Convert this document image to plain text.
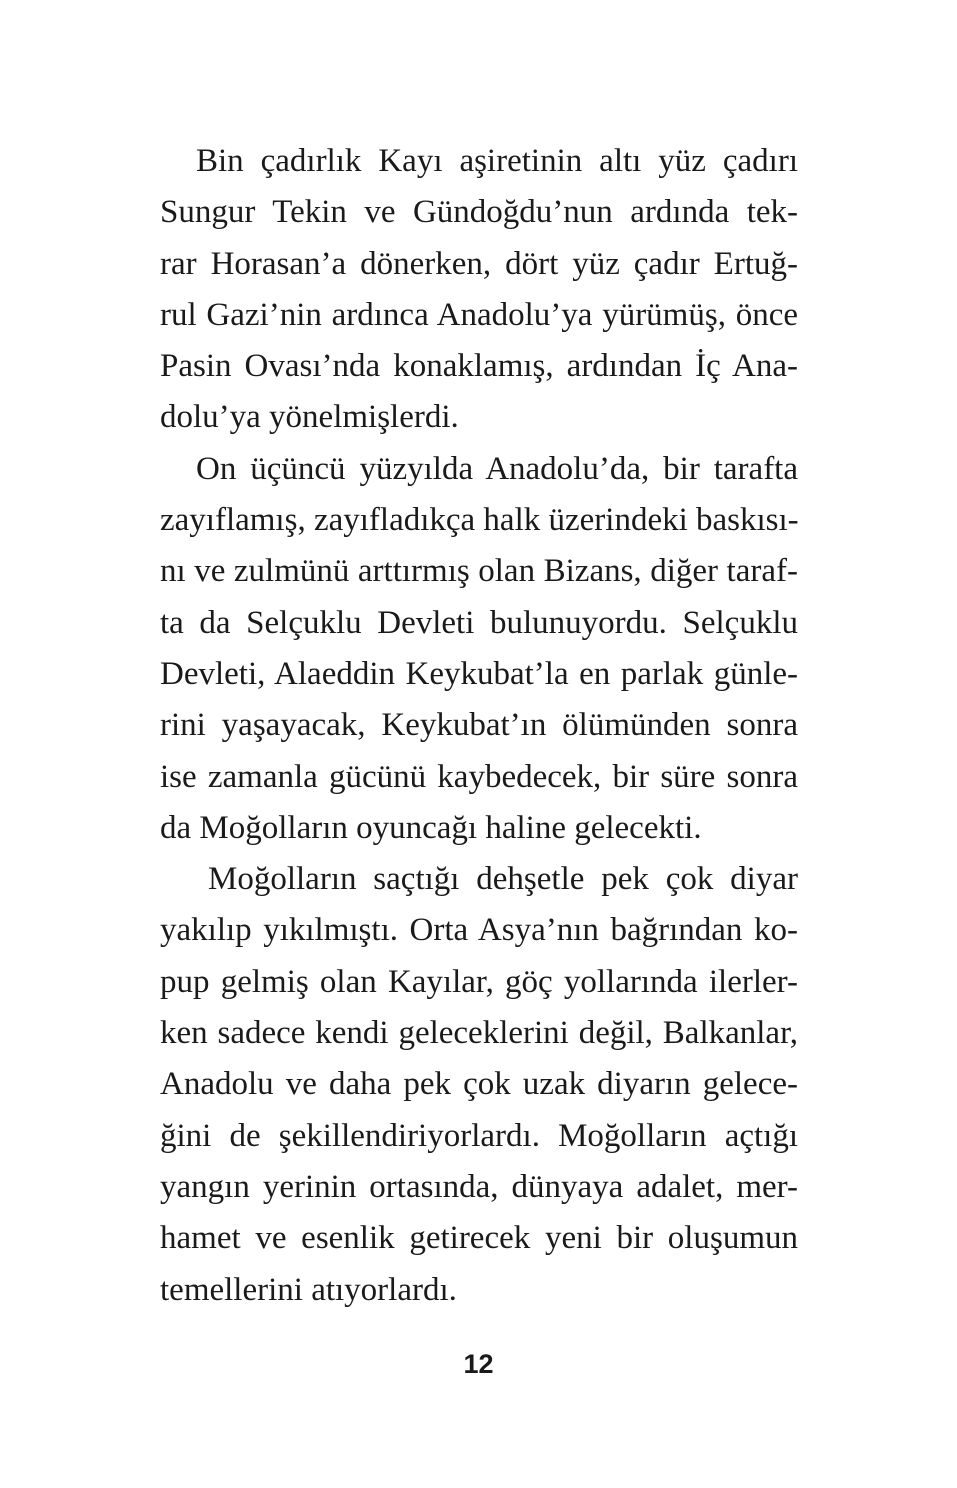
Bin çadırlık Kayı aşiretinin altı yüz çadırı
Sungur Tekin ve Gündoğdu’nun ardında tek-
rar Horasan’a dönerken, dört yüz çadır Ertuğ-
rul Gazi’nin ardınca Anadolu’ya yürümüş, önce
Pasin Ovası’nda konaklamış, ardından İç Ana-
dolu’ya yönelmişlerdi.
On üçüncü yüzyılda Anadolu’da, bir tarafta
zayıflamış, zayıfladıkça halk üzerindeki baskısı-
nı ve zulmünü arttırmış olan Bizans, diğer taraf-
ta da Selçuklu Devleti bulunuyordu. Selçuklu
Devleti, Alaeddin Keykubat’la en parlak günle-
rini yaşayacak, Keykubat’ın ölümünden sonra
ise zamanla gücünü kaybedecek, bir süre sonra
da Moğolların oyuncağı haline gelecekti.
Moğolların saçtığı dehşetle pek çok diyar
yakılıp yıkılmıştı. Orta Asya’nın bağrından ko-
pup gelmiş olan Kayılar, göç yollarında ilerler-
ken sadece kendi geleceklerini değil, Balkanlar,
Anadolu ve daha pek çok uzak diyarın gelece-
ğini de şekillendiriyorlardı. Moğolların açtığı
yangın yerinin ortasında, dünyaya adalet, mer-
hamet ve esenlik getirecek yeni bir oluşumun
temellerini atıyorlardı.
12
